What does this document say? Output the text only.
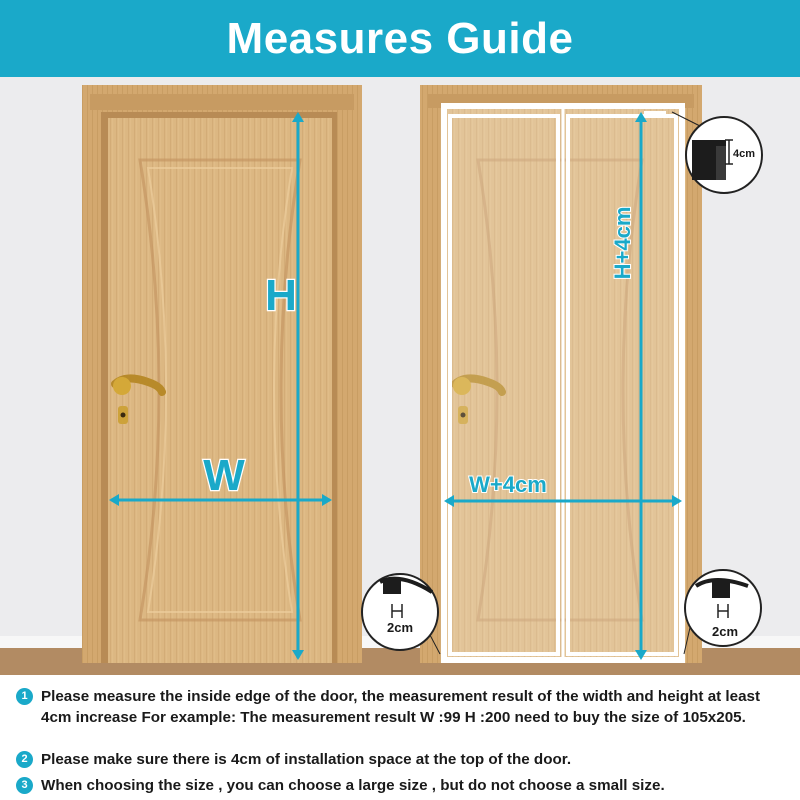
Measures Guide
H
W
H+4cm
W+4cm
4cm
2cm	2cm
1 Please measure the inside edge of the door, the measurement result of the width and height at least 4cm increase For example: The measurement result W :99 H :200 need to buy the size of 105x205.
2 Please make sure there is 4cm of installation space at the top of the door.
3 When choosing the size , you can choose a large size , but do not choose a small size.
